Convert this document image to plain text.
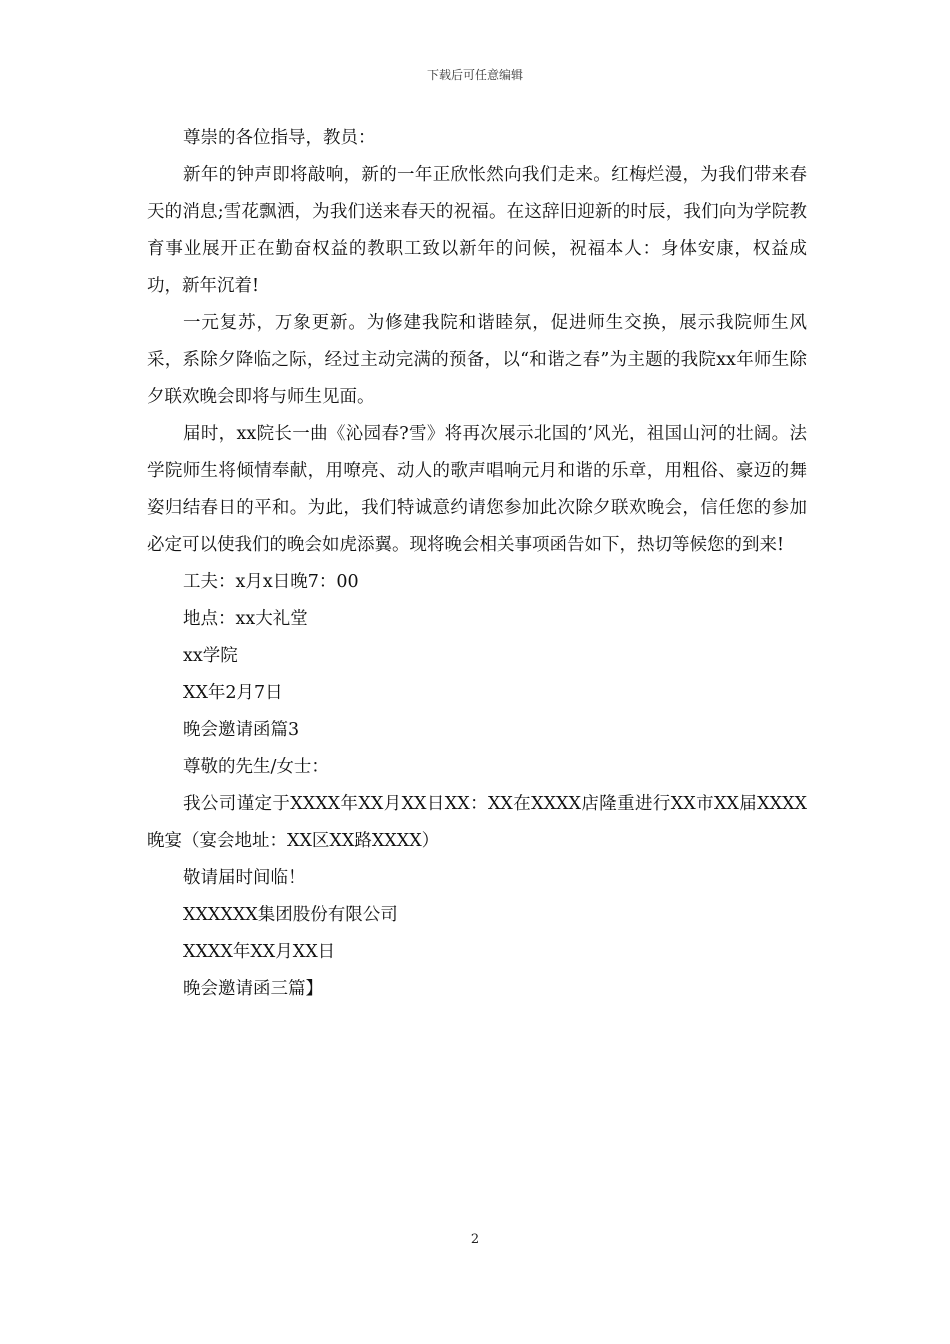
下载后可任意编辑

尊崇的各位指导，教员：

新年的钟声即将敲响，新的一年正欣怅然向我们走来。红梅烂漫，为我们带来春天的消息;雪花飘洒，为我们送来春天的祝福。在这辞旧迎新的时辰，我们向为学院教育事业展开正在勤奋权益的教职工致以新年的问候，祝福本人：身体安康，权益成功，新年沉着!

一元复苏，万象更新。为修建我院和谐睦氛，促进师生交换，展示我院师生风采，系除夕降临之际，经过主动完满的预备，以“和谐之春”为主题的我院xx年师生除夕联欢晚会即将与师生见面。

届时，xx院长一曲《沁园春?雪》将再次展示北国的’风光，祖国山河的壮阔。法学院师生将倾情奉献，用嘹亮、动人的歌声唱响元月和谐的乐章，用粗俗、豪迈的舞姿归结春日的平和。为此，我们特诚意约请您参加此次除夕联欢晚会，信任您的参加必定可以使我们的晚会如虎添翼。现将晚会相关事项函告如下，热切等候您的到来!

工夫：x月x日晚7：00

地点：xx大礼堂

xx学院

XX年2月7日

晚会邀请函篇3

尊敬的先生/女士：

我公司谨定于XXXX年XX月XX日XX：XX在XXXX店隆重进行XX市XX届XXXX晚宴（宴会地址：XX区XX路XXXX）

敬请届时间临！

XXXXXX集团股份有限公司

XXXX年XX月XX日

晚会邀请函三篇】

2
